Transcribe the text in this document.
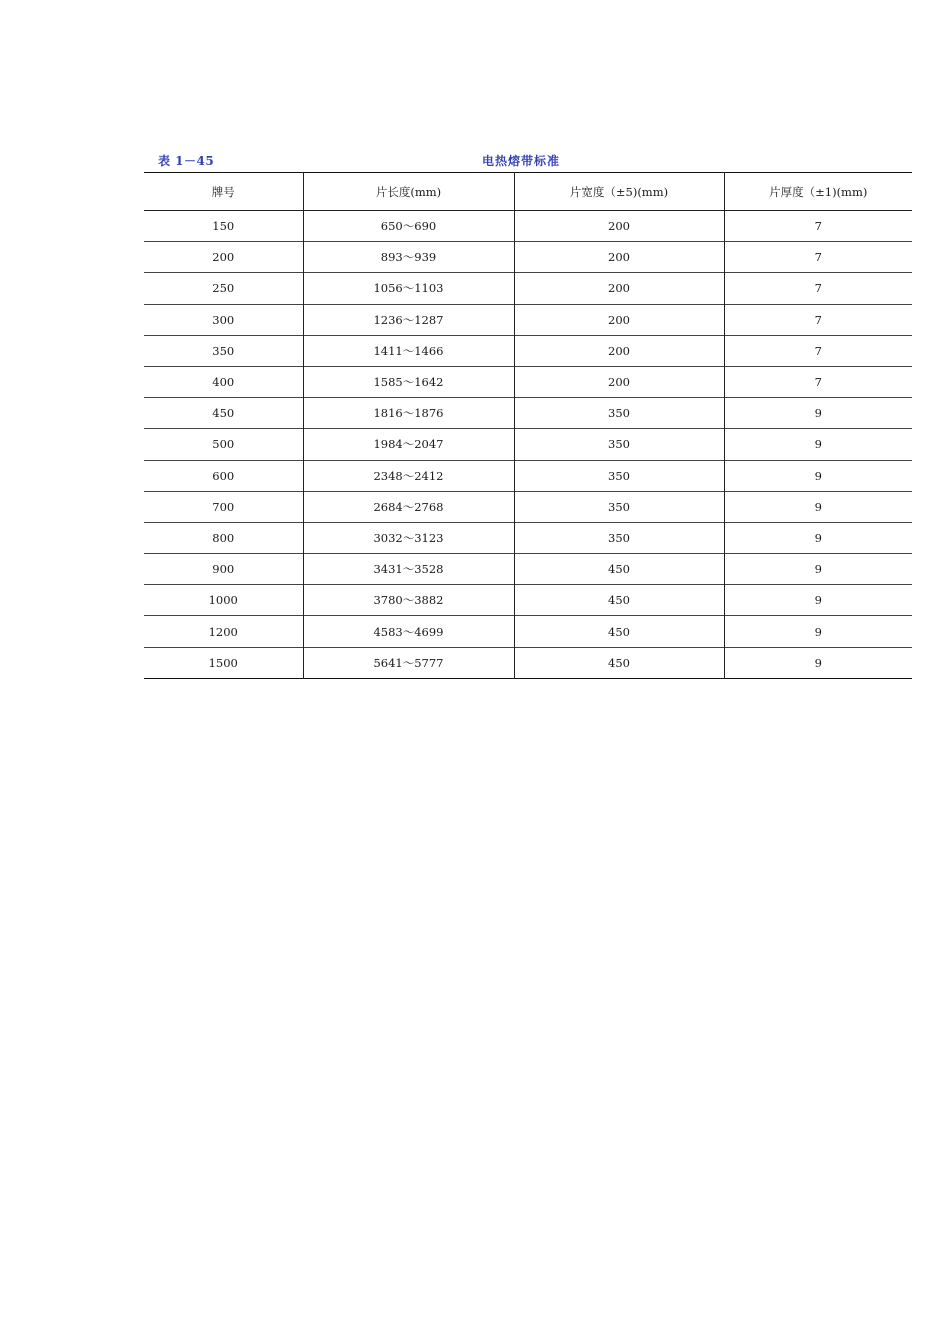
表 1－45	电热熔带标准
牌号	片长度(mm)	片宽度（±5)(mm)	片厚度（±1)(mm)
150	650～690	200	7
200	893～939	200	7
250	1056～1103	200	7
300	1236～1287	200	7
350	1411～1466	200	7
400	1585～1642	200	7
450	1816～1876	350	9
500	1984～2047	350	9
600	2348～2412	350	9
700	2684～2768	350	9
800	3032～3123	350	9
900	3431～3528	450	9
1000	3780～3882	450	9
1200	4583～4699	450	9
1500	5641～5777	450	9
